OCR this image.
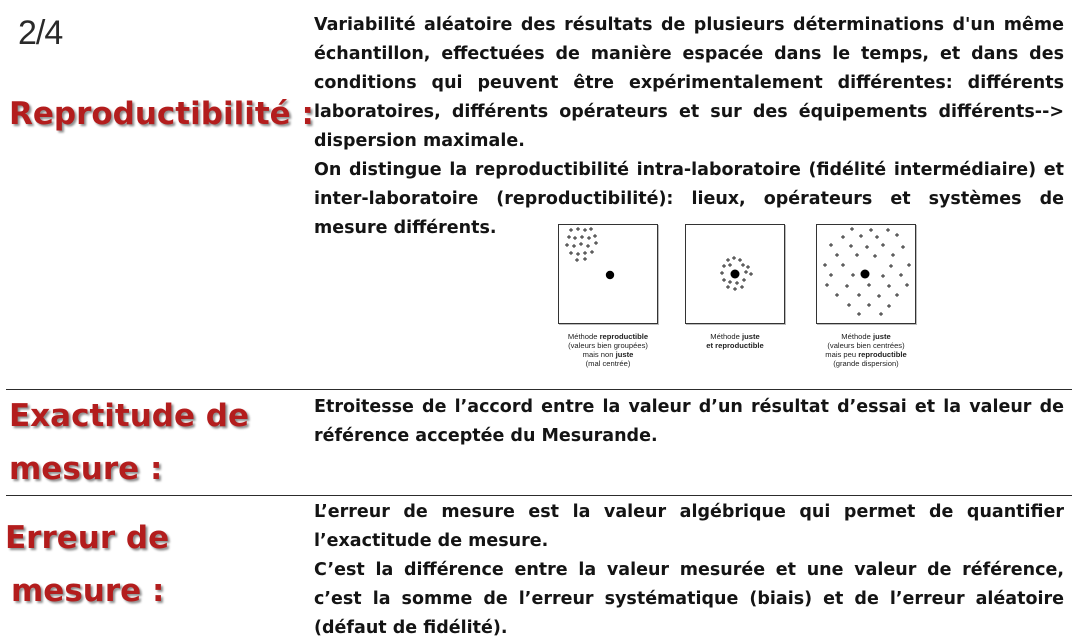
2/4
Reproductibilité :

Variabilité aléatoire des résultats de plusieurs déterminations d'un même échantillon, effectuées de manière espacée dans le temps, et dans des conditions qui peuvent être expérimentalement différentes: différents laboratoires, différents opérateurs et sur des équipements différents--> dispersion maximale.

On distingue la reproductibilité intra-laboratoire (fidélité intermédiaire) et inter-laboratoire (reproductibilité): lieux, opérateurs et systèmes de mesure différents.

Méthode reproductible
(valeurs bien groupées)
mais non juste
(mal centrée)
Méthode juste
et reproductible
Méthode juste
(valeurs bien centrées)
mais peu reproductible
(grande dispersion)
Exactitude de
mesure :

Etroitesse de l’accord entre la valeur d’un résultat d’essai et la valeur de référence acceptée du Mesurande.

Erreur de
mesure :

L’erreur de mesure est la valeur algébrique qui permet de quantifier l’exactitude de mesure.

C’est la différence entre la valeur mesurée et une valeur de référence, c’est la somme de l’erreur systématique (biais) et de l’erreur aléatoire (défaut de fidélité).
